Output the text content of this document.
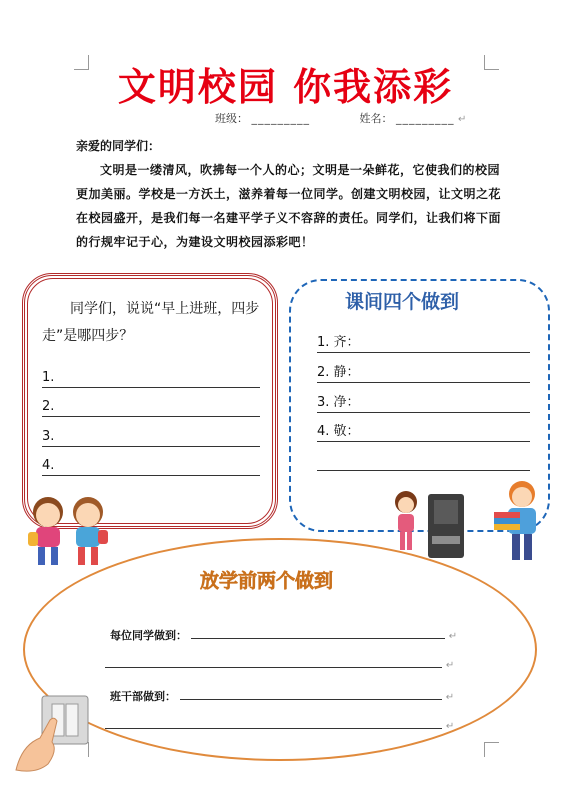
文明校园 你我添彩
班级： _________	姓名： _________ ↵
亲爱的同学们：
文明是一缕清风，吹拂每一个人的心；文明是一朵鲜花，它使我们的校园更加美丽。学校是一方沃土，滋养着每一位同学。创建文明校园，让文明之花在校园盛开，是我们每一名建平学子义不容辞的责任。同学们，让我们将下面的行规牢记于心，为建设文明校园添彩吧！
同学们，说说“早上进班，四步走”是哪四步？
1.
2.
3.
4.
课间四个做到
1. 齐：
2. 静：
3. 净：
4. 敬：
放学前两个做到
每位同学做到：	↵
↵
班干部做到：	↵
↵
